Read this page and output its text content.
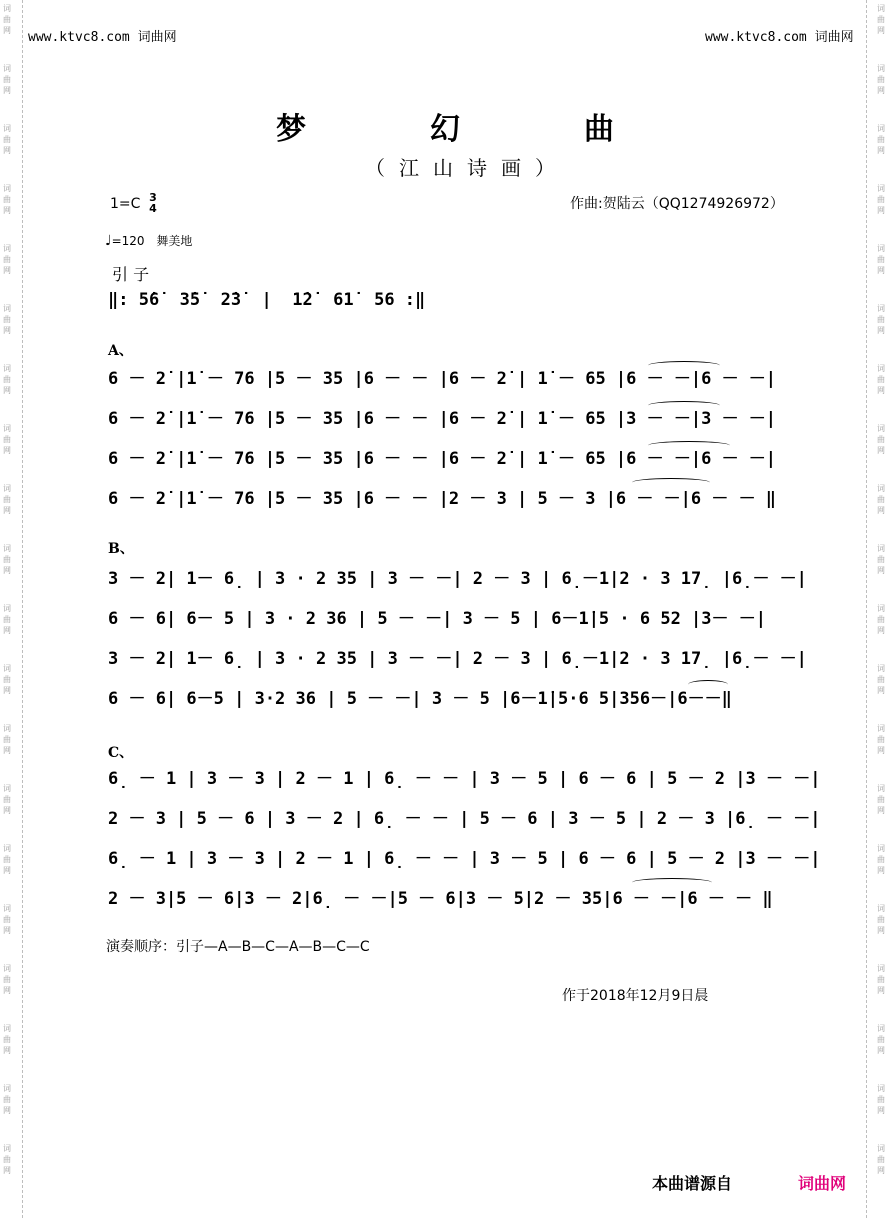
词
曲
网
词
曲
网
词
曲
网
词
曲
网
词
曲
网
词
曲
网
词
曲
网
词
曲
网
词
曲
网
词
曲
网
词
曲
网
词
曲
网
词
曲
网
词
曲
网
词
曲
网
词
曲
网
词
曲
网
词
曲
网
词
曲
网
词
曲
网
词
曲
网
词
曲
网
词
曲
网
词
曲
网
词
曲
网
词
曲
网
词
曲
网
词
曲
网
词
曲
网
词
曲
网
词
曲
网
词
曲
网
词
曲
网
词
曲
网
词
曲
网
词
曲
网
词
曲
网
词
曲
网
词
曲
网
词
曲
网
www.ktvc8.com 词曲网	www.ktvc8.com 词曲网
梦	幻	曲
（江山诗画）
1=C 3
4	作曲:贺陆云（QQ1274926972）
♩=120 舞美地
引 子
‖: 5̇6̇  3̇5̇  2̇3̇  |  1̇2̇  61̇  56 :‖
A、
6 － 2̇ |1̇ － 76 |5 － 35 |6 － － |6 － 2̇ | 1̇ － 65 |6 － －|6 － －|
6 － 2̇ |1̇ － 76 |5 － 35 |6 － － |6 － 2̇ | 1̇ － 65 |3 － －|3 － －|
6 － 2̇ |1̇ － 76 |5 － 35 |6 － － |6 － 2̇ | 1̇ － 65 |6 － －|6 － －|
6 － 2̇ |1̇ － 76 |5 － 35 |6 － － |2 － 3 | 5 － 3 |6 － －|6 － － ‖
B、
3 － 2| 1－ 6̣ | 3 · 2 35 | 3 － －| 2 － 3 | 6̣－1|2 · 3 17̣ |6̣－ －|
6 － 6| 6－ 5 | 3 · 2 36 | 5 － －| 3 － 5 | 6－1̇|5 · 6 52 |3－ －|
3 － 2| 1－ 6̣ | 3 · 2 35 | 3 － －| 2 － 3 | 6̣－1|2 · 3 17̣ |6̣－ －|
6 － 6| 6－5 | 3·2 36 | 5 － －| 3 － 5 |6－1̇|5·6 5|356－|6－－‖
C、
6̣ － 1 | 3 － 3 | 2 － 1 | 6̣ － － | 3 － 5 | 6 － 6 | 5 － 2 |3 － －|
2 － 3 | 5 － 6 | 3 － 2 | 6̣ － － | 5 － 6 | 3 － 5 | 2 － 3 |6̣ － －|
6̣ － 1 | 3 － 3 | 2 － 1 | 6̣ － － | 3 － 5 | 6 － 6 | 5 － 2 |3 － －|
2 － 3|5 － 6|3 － 2|6̣ － －|5 － 6|3 － 5|2 － 35|6 － －|6 － － ‖
演奏顺序：引子—A—B—C—A—B—C—C
作于2018年12月9日晨
本曲谱源自	词曲网
